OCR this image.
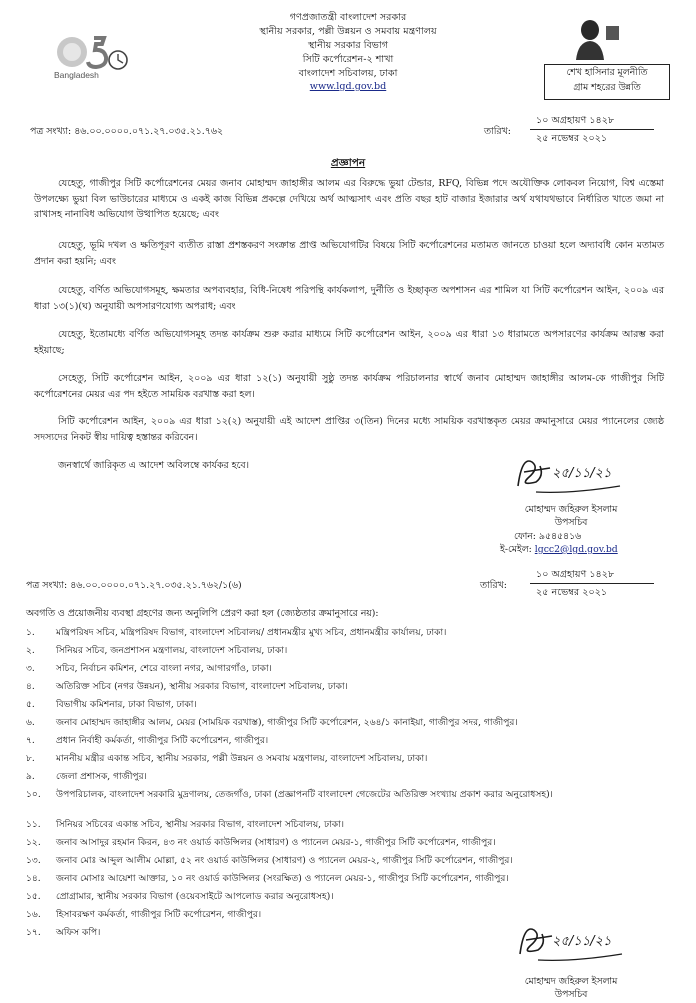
গণপ্রজাতন্ত্রী বাংলাদেশ সরকার
স্থানীয় সরকার, পল্লী উন্নয়ন ও সমবায় মন্ত্রণালয়
স্থানীয় সরকার বিভাগ
সিটি কর্পোরেশন-২ শাখা
বাংলাদেশ সচিবালয়, ঢাকা
www.lgd.gov.bd
Bangladesh	শেখ হাসিনার মূলনীতি
গ্রাম শহরের উন্নতি
পত্র সংখ্যা: ৪৬.০০.০০০০.০৭১.২৭.০৩৫.২১.৭৬২	তারিখ:
১০ অগ্রহায়ণ ১৪২৮
২৫ নভেম্বর ২০২১
প্রজ্ঞাপন
যেহেতু, গাজীপুর সিটি কর্পোরেশনের মেয়র জনাব মোহাম্মদ জাহাঙ্গীর আলম এর বিরুদ্ধে ভুয়া টেন্ডার, RFQ, বিভিন্ন পদে অযৌক্তিক লোকবল নিয়োগ, বিশ্ব এস্তেমা উপলক্ষ্যে ভুয়া বিল ভাউচারের মাধ্যমে ও একই কাজ বিভিন্ন প্রকল্পে দেখিয়ে অর্থ আত্মসাৎ এবং প্রতি বছর হাট বাজার ইজারার অর্থ যথাযথভাবে নির্ধারিত খাতে জমা না রাখাসহ নানাবিধ অভিযোগ উত্থাপিত হয়েছে; এবং
যেহেতু, ভূমি দখল ও ক্ষতিপূরণ ব্যতীত রাস্তা প্রশস্তকরণ সংক্রান্ত প্রাপ্ত অভিযোগটির বিষয়ে সিটি কর্পোরেশনের মতামত জানতে চাওয়া হলে অদ্যাবধি কোন মতামত প্রদান করা হয়নি; এবং
যেহেতু, বর্ণিত অভিযোগসমূহ, ক্ষমতার অপব্যবহার, বিধি-নিষেধ পরিপন্থি কার্যকলাপ, দুর্নীতি ও ইচ্ছাকৃত অপশাসন এর শামিল যা সিটি কর্পোরেশন আইন, ২০০৯ এর ধারা ১৩(১)(ঘ) অনুযায়ী অপসারণযোগ্য অপরাধ; এবং
যেহেতু, ইতোমধ্যে বর্ণিত অভিযোগসমূহ তদন্ত কার্যক্রম শুরু করার মাধ্যমে সিটি কর্পোরেশন আইন, ২০০৯ এর ধারা ১৩ ধারামতে অপসারণের কার্যক্রম আরম্ভ করা হইয়াছে;
সেহেতু, সিটি কর্পোরেশন আইন, ২০০৯ এর ধারা ১২(১) অনুযায়ী সুষ্ঠু তদন্ত কার্যক্রম পরিচালনার স্বার্থে জনাব মোহাম্মদ জাহাঙ্গীর আলম-কে গাজীপুর সিটি কর্পোরেশনের মেয়র এর পদ হইতে সাময়িক বরখাস্ত করা হল।
সিটি কর্পোরেশন আইন, ২০০৯ এর ধারা ১২(২) অনুযায়ী এই আদেশ প্রাপ্তির ৩(তিন) দিনের মধ্যে সাময়িক বরখাস্তকৃত মেয়র ক্রমানুসারে মেয়র প্যানেলের জ্যেষ্ঠ সদস্যদের নিকট স্বীয় দায়িত্ব হস্তান্তর করিবেন।
জনস্বার্থে জারিকৃত এ আদেশ অবিলম্বে কার্যকর হবে।
২৫/১১/২১
মোহাম্মদ জহিরুল ইসলাম
উপসচিব
ফোন: ৯৫৪৫৪১৬
ই-মেইল: lgcc2@lgd.gov.bd
পত্র সংখ্যা: ৪৬.০০.০০০০.০৭১.২৭.০৩৫.২১.৭৬২/১(৬)	তারিখ:
১০ অগ্রহায়ণ ১৪২৮
২৫ নভেম্বর ২০২১
অবগতি ও প্রয়োজনীয় ব্যবস্থা গ্রহণের জন্য অনুলিপি প্রেরণ করা হল (জ্যেষ্ঠতার ক্রমানুসারে নয়):
১.	মন্ত্রিপরিষদ সচিব, মন্ত্রিপরিষদ বিভাগ, বাংলাদেশ সচিবালয়/ প্রধানমন্ত্রীর মুখ্য সচিব, প্রধানমন্ত্রীর কার্যালয়, ঢাকা।
২.	সিনিয়র সচিব, জনপ্রশাসন মন্ত্রণালয়, বাংলাদেশ সচিবালয়, ঢাকা।
৩.	সচিব, নির্বাচন কমিশন, শেরে বাংলা নগর, আগারগাঁও, ঢাকা।
৪.	অতিরিক্ত সচিব (নগর উন্নয়ন), স্থানীয় সরকার বিভাগ, বাংলাদেশ সচিবালয়, ঢাকা।
৫.	বিভাগীয় কমিশনার, ঢাকা বিভাগ, ঢাকা।
৬.	জনাব মোহাম্মদ জাহাঙ্গীর আলম, মেয়র (সাময়িক বরখাস্ত), গাজীপুর সিটি কর্পোরেশন, ২৬৪/১ কানাইয়া, গাজীপুর সদর, গাজীপুর।
৭.	প্রধান নির্বাহী কর্মকর্তা, গাজীপুর সিটি কর্পোরেশন, গাজীপুর।
৮.	মাননীয় মন্ত্রীর একান্ত সচিব, স্থানীয় সরকার, পল্লী উন্নয়ন ও সমবায় মন্ত্রণালয়, বাংলাদেশ সচিবালয়, ঢাকা।
৯.	জেলা প্রশাসক, গাজীপুর।
১০.	উপপরিচালক, বাংলাদেশ সরকারি মুদ্রণালয়, তেজগাঁও, ঢাকা (প্রজ্ঞাপনটি বাংলাদেশ গেজেটের অতিরিক্ত সংখ্যায় প্রকাশ করার অনুরোধসহ)।
১১.	সিনিয়র সচিবের একান্ত সচিব, স্থানীয় সরকার বিভাগ, বাংলাদেশ সচিবালয়, ঢাকা।
১২.	জনাব আসাদুর রহমান কিরন, ৪৩ নং ওয়ার্ড কাউন্সিলর (সাধারণ) ও প্যানেল মেয়র-১, গাজীপুর সিটি কর্পোরেশন, গাজীপুর।
১৩.	জনাব মোঃ আব্দুল আলীম মোল্লা, ৫২ নং ওয়ার্ড কাউন্সিলর (সাধারণ) ও প্যানেল মেয়র-২, গাজীপুর সিটি কর্পোরেশন, গাজীপুর।
১৪.	জনাব মোসাঃ আয়েশা আক্তার, ১০ নং ওয়ার্ড কাউন্সিলর (সংরক্ষিত) ও প্যানেল মেয়র-১, গাজীপুর সিটি কর্পোরেশন, গাজীপুর।
১৫.	প্রোগ্রামার, স্থানীয় সরকার বিভাগ (ওয়েবসাইটে আপলোড করার অনুরোধসহ)।
১৬.	হিসাবরক্ষণ কর্মকর্তা, গাজীপুর সিটি কর্পোরেশন, গাজীপুর।
১৭.	অফিস কপি।
২৫/১১/২১
মোহাম্মদ জহিরুল ইসলাম
উপসচিব
